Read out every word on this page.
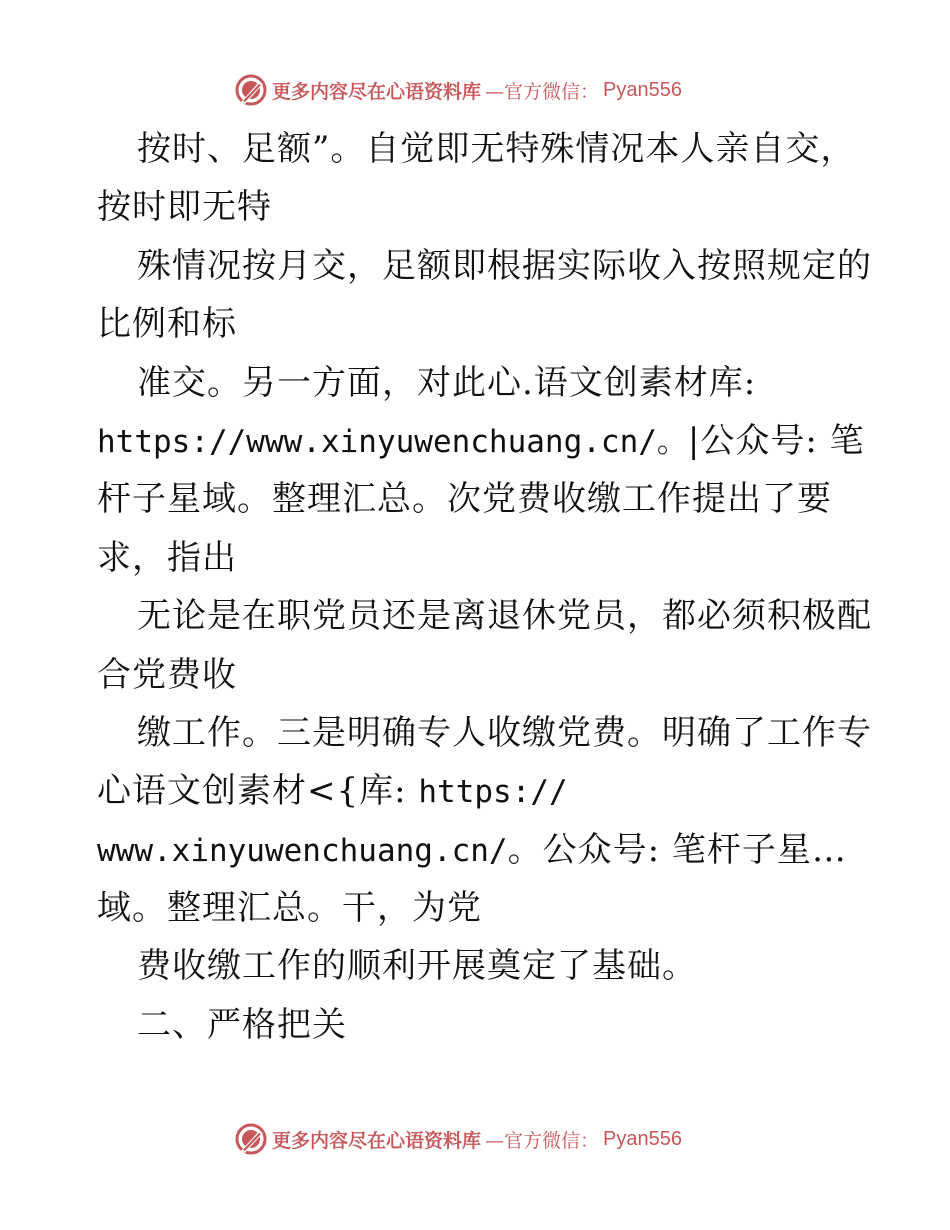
更多内容尽在心语资料库 —官方微信： Pyan556
按时、足额”。自觉即无特殊情况本人亲自交，
按时即无特
殊情况按月交，足额即根据实际收入按照规定的
比例和标
准交。另一方面，对此心.语文创素材库:
https://www.xinyuwenchuang.cn/。|公众号: 笔
杆子星域。整理汇总。次党费收缴工作提出了要
求，指出
无论是在职党员还是离退休党员，都必须积极配
合党费收
缴工作。三是明确专人收缴党费。明确了工作专
心语文创素材<{库: https://
www.xinyuwenchuang.cn/。公众号: 笔杆子星…
域。整理汇总。干，为党
费收缴工作的顺利开展奠定了基础。
二、严格把关
更多内容尽在心语资料库 —官方微信： Pyan556
